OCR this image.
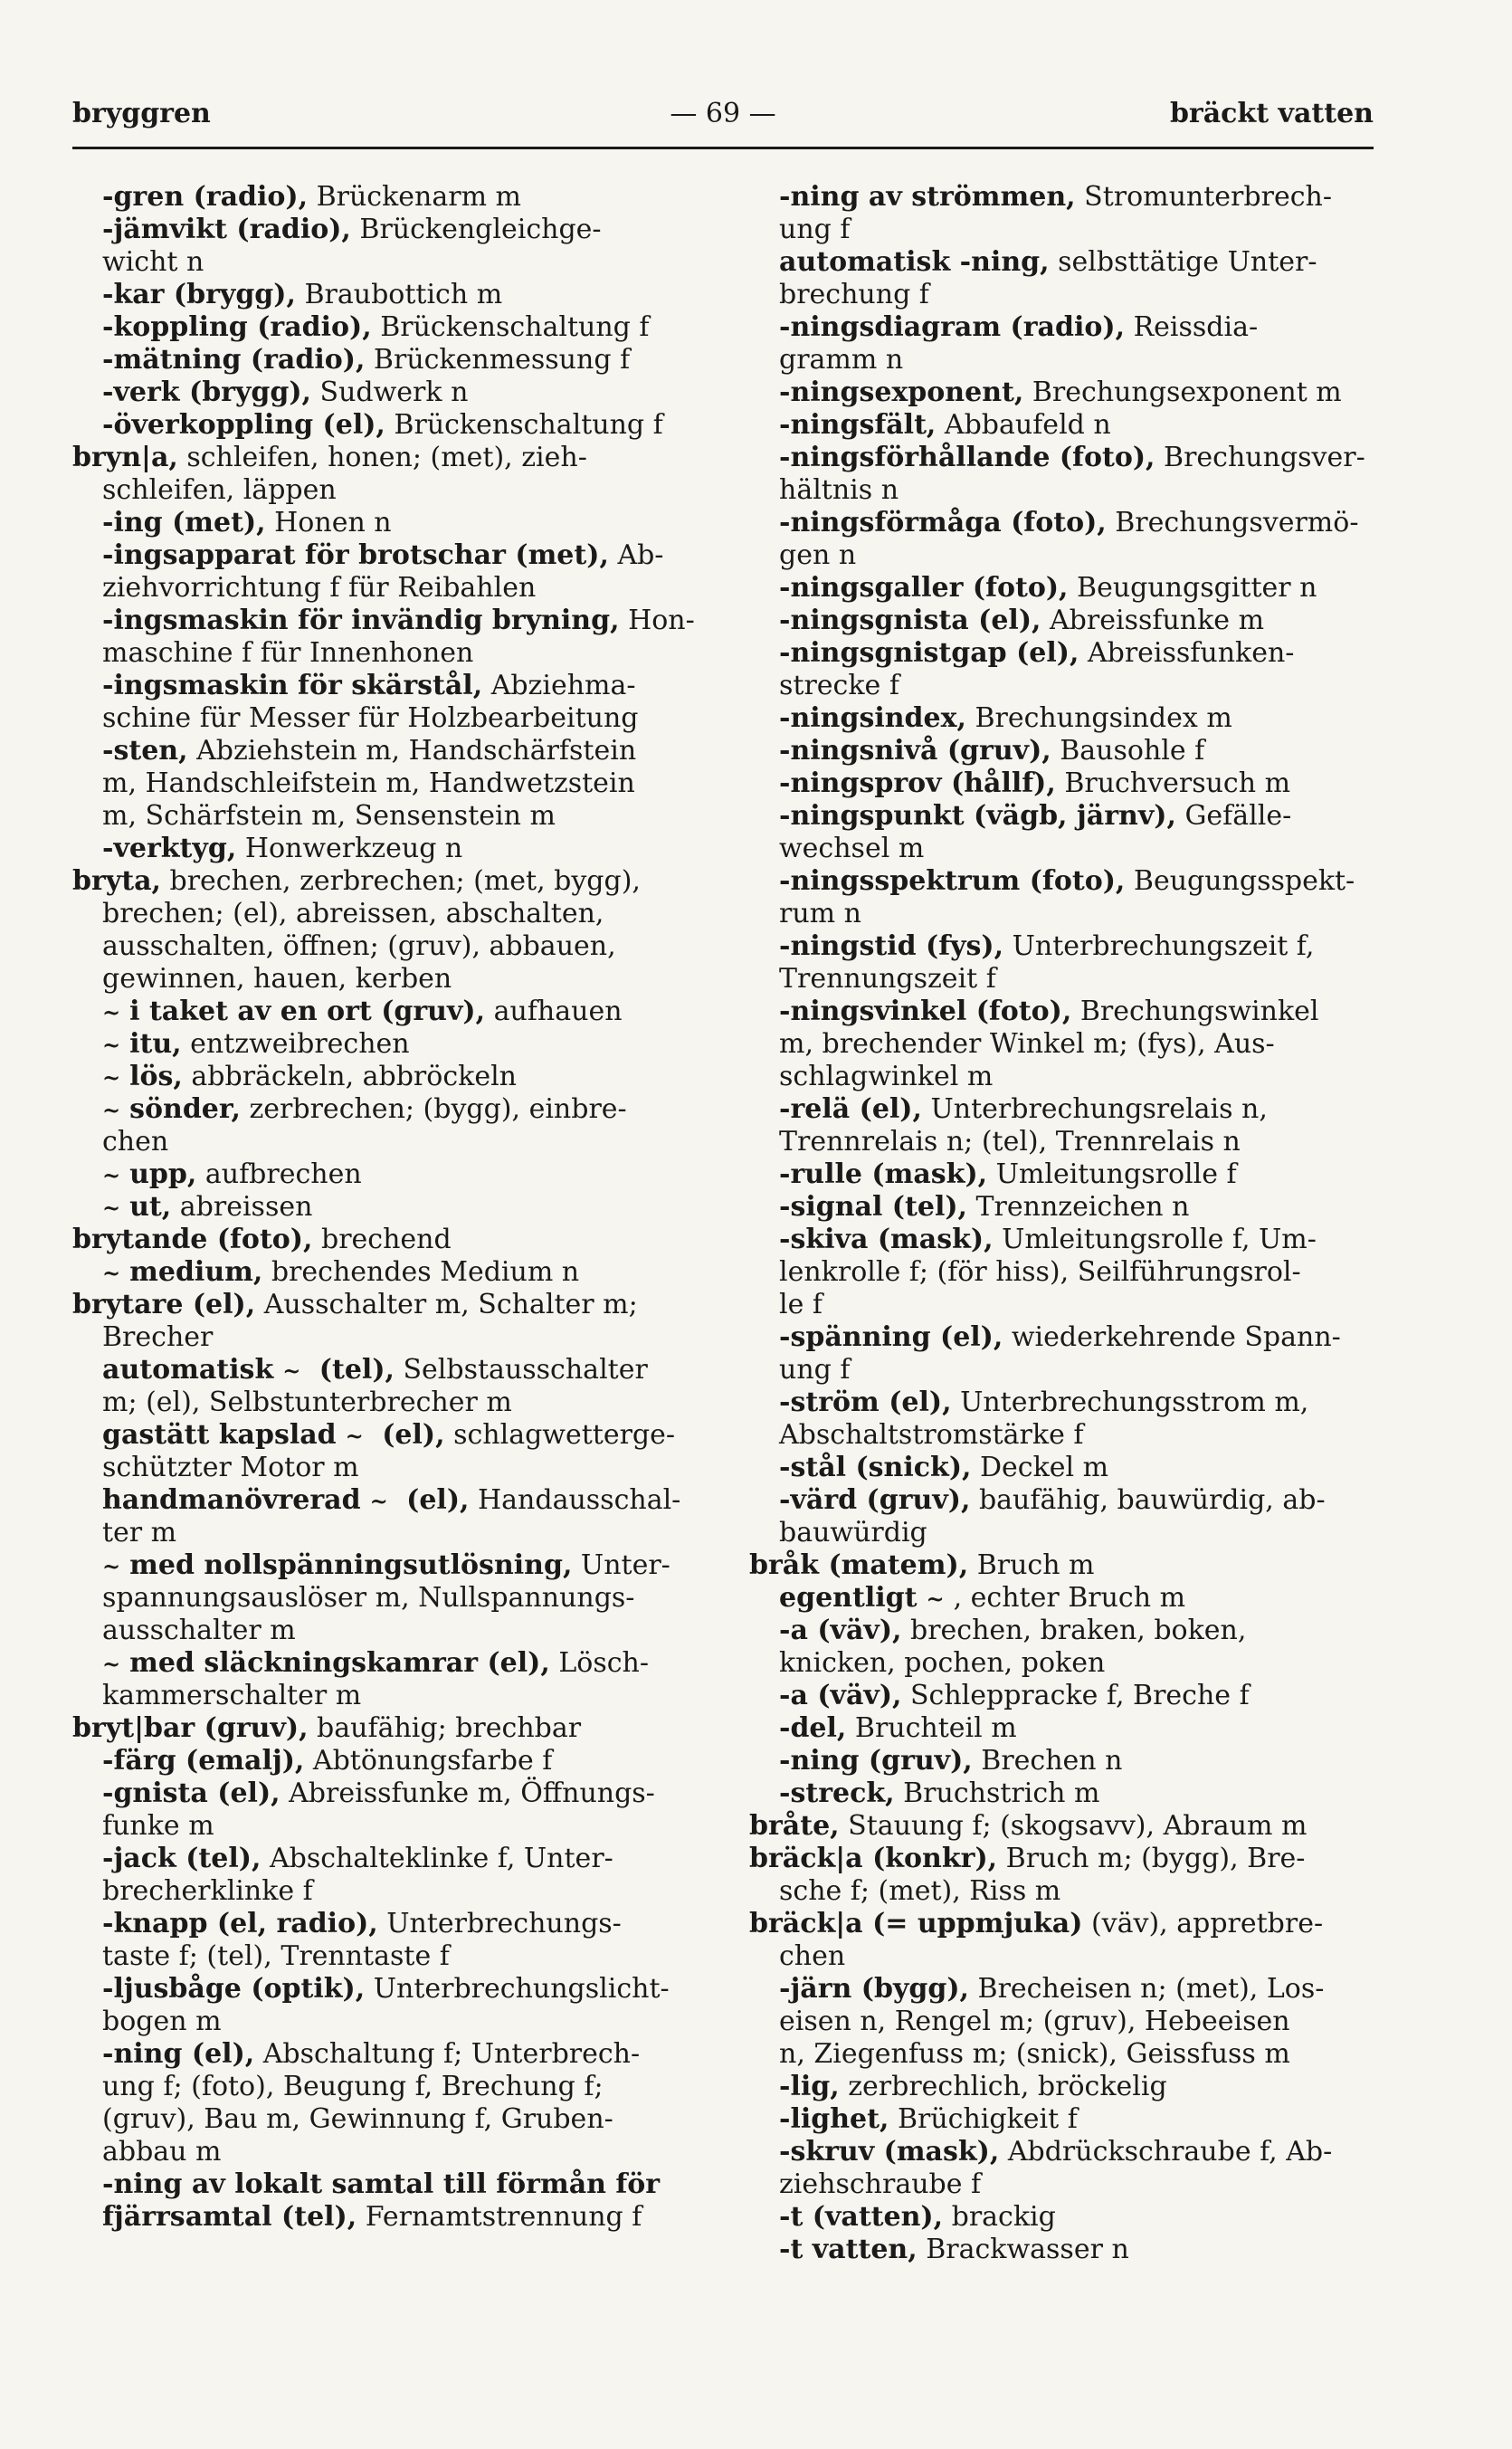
bryggren	— 69 —	bräckt vatten
-gren (radio), Brückenarm m
-jämvikt (radio), Brückengleichge-
wicht n
-kar (brygg), Braubottich m
-koppling (radio), Brückenschaltung f
-mätning (radio), Brückenmessung f
-verk (brygg), Sudwerk n
-överkoppling (el), Brückenschaltung f
bryn|a, schleifen, honen; (met), zieh-
schleifen, läppen
-ing (met), Honen n
-ingsapparat för brotschar (met), Ab-
ziehvorrichtung f für Reibahlen
-ingsmaskin för invändig bryning, Hon-
maschine f für Innenhonen
-ingsmaskin för skärstål, Abziehma-
schine für Messer für Holzbearbeitung
-sten, Abziehstein m, Handschärfstein
m, Handschleifstein m, Handwetzstein
m, Schärfstein m, Sensenstein m
-verktyg, Honwerkzeug n
bryta, brechen, zerbrechen; (met, bygg),
brechen; (el), abreissen, abschalten,
ausschalten, öffnen; (gruv), abbauen,
gewinnen, hauen, kerben
~ i taket av en ort (gruv), aufhauen
~ itu, entzweibrechen
~ lös, abbräckeln, abbröckeln
~ sönder, zerbrechen; (bygg), einbre-
chen
~ upp, aufbrechen
~ ut, abreissen
brytande (foto), brechend
~ medium, brechendes Medium n
brytare (el), Ausschalter m, Schalter m;
Brecher
automatisk ~ (tel), Selbstausschalter
m; (el), Selbstunterbrecher m
gastätt kapslad ~ (el), schlagwetterge-
schützter Motor m
handmanövrerad ~ (el), Handausschal-
ter m
~ med nollspänningsutlösning, Unter-
spannungsauslöser m, Nullspannungs-
ausschalter m
~ med släckningskamrar (el), Lösch-
kammerschalter m
bryt|bar (gruv), baufähig; brechbar
-färg (emalj), Abtönungsfarbe f
-gnista (el), Abreissfunke m, Öffnungs-
funke m
-jack (tel), Abschalteklinke f, Unter-
brecherklinke f
-knapp (el, radio), Unterbrechungs-
taste f; (tel), Trenntaste f
-ljusbåge (optik), Unterbrechungslicht-
bogen m
-ning (el), Abschaltung f; Unterbrech-
ung f; (foto), Beugung f, Brechung f;
(gruv), Bau m, Gewinnung f, Gruben-
abbau m
-ning av lokalt samtal till förmån för
fjärrsamtal (tel), Fernamtstrennung f
-ning av strömmen, Stromunterbrech-
ung f
automatisk -ning, selbsttätige Unter-
brechung f
-ningsdiagram (radio), Reissdia-
gramm n
-ningsexponent, Brechungsexponent m
-ningsfält, Abbaufeld n
-ningsförhållande (foto), Brechungsver-
hältnis n
-ningsförmåga (foto), Brechungsvermö-
gen n
-ningsgaller (foto), Beugungsgitter n
-ningsgnista (el), Abreissfunke m
-ningsgnistgap (el), Abreissfunken-
strecke f
-ningsindex, Brechungsindex m
-ningsnivå (gruv), Bausohle f
-ningsprov (hållf), Bruchversuch m
-ningspunkt (vägb, järnv), Gefälle-
wechsel m
-ningsspektrum (foto), Beugungsspekt-
rum n
-ningstid (fys), Unterbrechungszeit f,
Trennungszeit f
-ningsvinkel (foto), Brechungswinkel
m, brechender Winkel m; (fys), Aus-
schlagwinkel m
-relä (el), Unterbrechungsrelais n,
Trennrelais n; (tel), Trennrelais n
-rulle (mask), Umleitungsrolle f
-signal (tel), Trennzeichen n
-skiva (mask), Umleitungsrolle f, Um-
lenkrolle f; (för hiss), Seilführungsrol-
le f
-spänning (el), wiederkehrende Spann-
ung f
-ström (el), Unterbrechungsstrom m,
Abschaltstromstärke f
-stål (snick), Deckel m
-värd (gruv), baufähig, bauwürdig, ab-
bauwürdig
bråk (matem), Bruch m
egentligt ~ , echter Bruch m
-a (väv), brechen, braken, boken,
knicken, pochen, poken
-a (väv), Schleppracke f, Breche f
-del, Bruchteil m
-ning (gruv), Brechen n
-streck, Bruchstrich m
bråte, Stauung f; (skogsavv), Abraum m
bräck|a (konkr), Bruch m; (bygg), Bre-
sche f; (met), Riss m
bräck|a (= uppmjuka) (väv), appretbre-
chen
-järn (bygg), Brecheisen n; (met), Los-
eisen n, Rengel m; (gruv), Hebeeisen
n, Ziegenfuss m; (snick), Geissfuss m
-lig, zerbrechlich, bröckelig
-lighet, Brüchigkeit f
-skruv (mask), Abdrückschraube f, Ab-
ziehschraube f
-t (vatten), brackig
-t vatten, Brackwasser n
